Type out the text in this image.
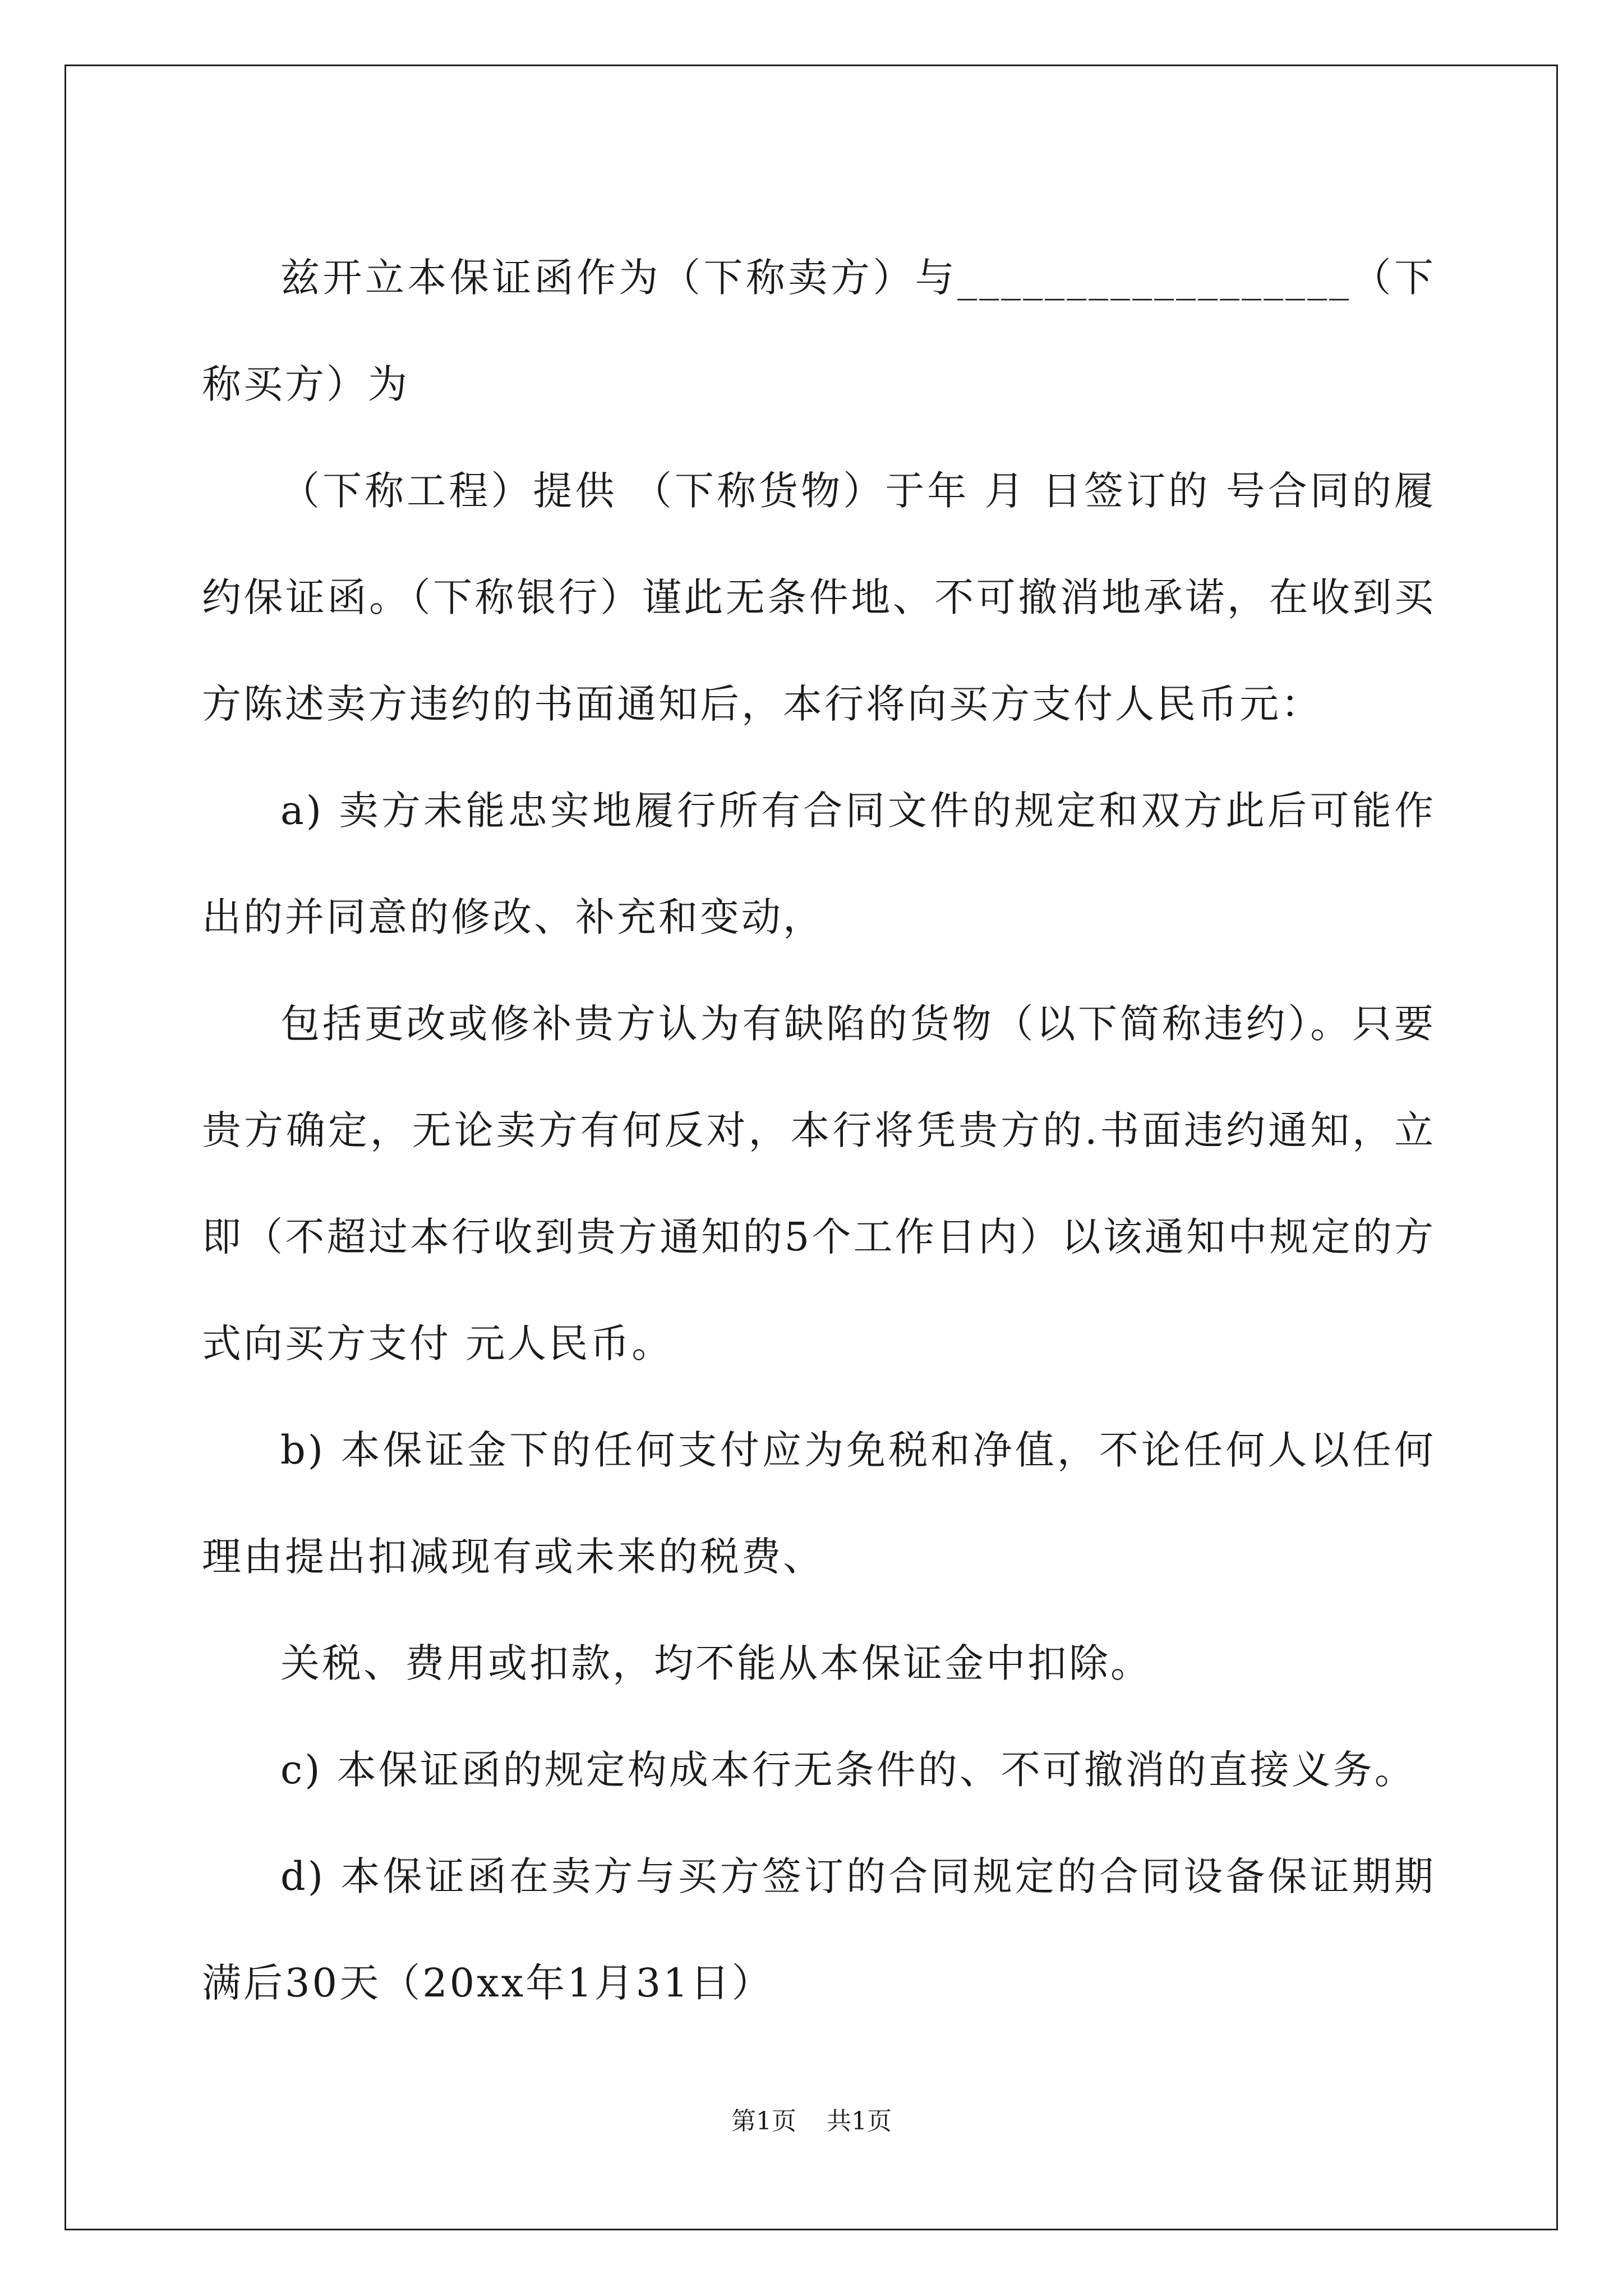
兹开立本保证函作为（下称卖方）与__________________（下称买方）为

（下称工程）提供 （下称货物）于年 月 日签订的 号合同的履约保证函。（下称银行）谨此无条件地、不可撤消地承诺，在收到买方陈述卖方违约的书面通知后，本行将向买方支付人民币元：

a) 卖方未能忠实地履行所有合同文件的规定和双方此后可能作出的并同意的修改、补充和变动，

包括更改或修补贵方认为有缺陷的货物（以下简称违约）。只要贵方确定，无论卖方有何反对，本行将凭贵方的.书面违约通知，立即（不超过本行收到贵方通知的5个工作日内）以该通知中规定的方式向买方支付 元人民币。

b) 本保证金下的任何支付应为免税和净值，不论任何人以任何理由提出扣减现有或未来的税费、

关税、费用或扣款，均不能从本保证金中扣除。

c) 本保证函的规定构成本行无条件的、不可撤消的直接义务。

d) 本保证函在卖方与买方签订的合同规定的合同设备保证期期满后30天（20xx年1月31日）

第1页 共1页
